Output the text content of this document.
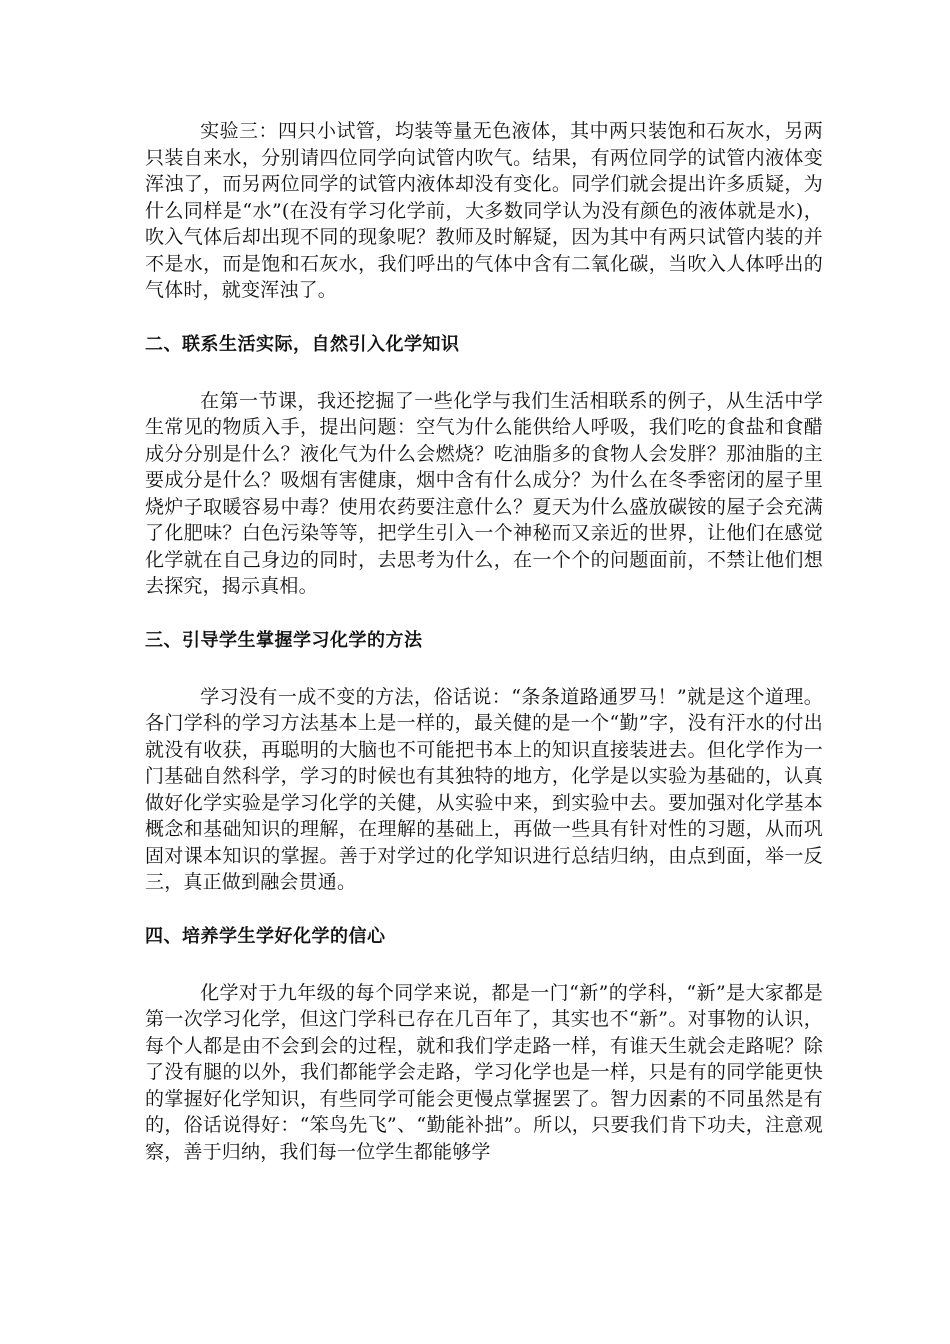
实验三：四只小试管，均装等量无色液体，其中两只装饱和石灰水，另两只装自来水，分别请四位同学向试管内吹气。结果，有两位同学的试管内液体变浑浊了，而另两位同学的试管内液体却没有变化。同学们就会提出许多质疑，为什么同样是“水”(在没有学习化学前，大多数同学认为没有颜色的液体就是水)，吹入气体后却出现不同的现象呢？教师及时解疑，因为其中有两只试管内装的并不是水，而是饱和石灰水，我们呼出的气体中含有二氧化碳，当吹入人体呼出的气体时，就变浑浊了。

二、联系生活实际，自然引入化学知识

在第一节课，我还挖掘了一些化学与我们生活相联系的例子，从生活中学生常见的物质入手，提出问题：空气为什么能供给人呼吸，我们吃的食盐和食醋成分分别是什么？液化气为什么会燃烧？吃油脂多的食物人会发胖？那油脂的主要成分是什么？吸烟有害健康，烟中含有什么成分？为什么在冬季密闭的屋子里烧炉子取暖容易中毒？使用农药要注意什么？夏天为什么盛放碳铵的屋子会充满了化肥味？白色污染等等，把学生引入一个神秘而又亲近的世界，让他们在感觉化学就在自己身边的同时，去思考为什么，在一个个的问题面前，不禁让他们想去探究，揭示真相。

三、引导学生掌握学习化学的方法

学习没有一成不变的方法，俗话说：“条条道路通罗马！”就是这个道理。各门学科的学习方法基本上是一样的，最关健的是一个“勤”字，没有汗水的付出就没有收获，再聪明的大脑也不可能把书本上的知识直接装进去。但化学作为一门基础自然科学，学习的时候也有其独特的地方，化学是以实验为基础的，认真做好化学实验是学习化学的关健，从实验中来，到实验中去。要加强对化学基本概念和基础知识的理解，在理解的基础上，再做一些具有针对性的习题，从而巩固对课本知识的掌握。善于对学过的化学知识进行总结归纳，由点到面，举一反三，真正做到融会贯通。

四、培养学生学好化学的信心

化学对于九年级的每个同学来说，都是一门“新”的学科，“新”是大家都是第一次学习化学，但这门学科已存在几百年了，其实也不“新”。对事物的认识，每个人都是由不会到会的过程，就和我们学走路一样，有谁天生就会走路呢？除了没有腿的以外，我们都能学会走路，学习化学也是一样，只是有的同学能更快的掌握好化学知识，有些同学可能会更慢点掌握罢了。智力因素的不同虽然是有的，俗话说得好：“笨鸟先飞”、“勤能补拙”。所以，只要我们肯下功夫，注意观察，善于归纳，我们每一位学生都能够学
